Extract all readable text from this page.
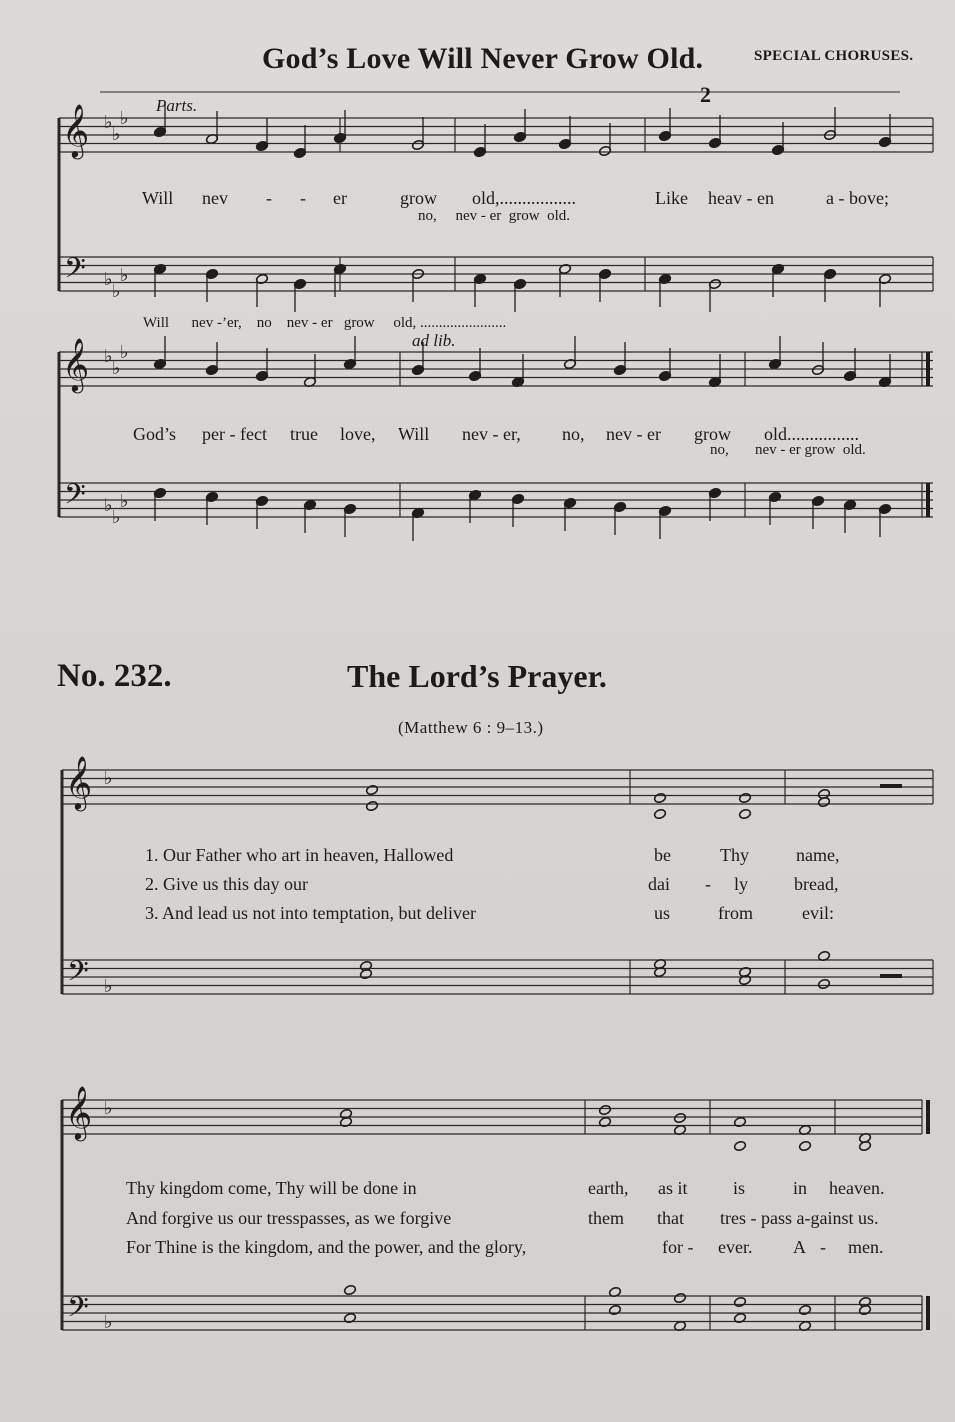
𝄞
𝄢
♭
♭
♭
♭
♭
♭
𝄞
𝄢
♭
♭
♭
♭
♭
♭
𝄞
𝄢
♭
♭
𝄞
𝄢
♭
♭
God’s Love Will Never Grow Old.	SPECIAL CHORUSES.
2
Parts.
ad lib.
Will nev - - er	grow old,.................	Like heav - en	a - bove;
no,     nev - er  grow  old.
Will      nev -’er,    no    nev - er   grow     old, .......................
God’s per - fect true love, Will nev - er, no, nev - er grow old................
no,       nev - er grow  old.
No. 232.	The Lord’s Prayer.
(Matthew 6 : 9–13.)
1. Our Father who art in heaven, Hallowed	be	Thy	name,
2. Give us this day our	dai - ly	bread,
3. And lead us not into temptation, but deliver	us	from	evil:
Thy kingdom come, Thy will be done in	earth, as it	is	in heaven.
And forgive us our tresspasses, as we forgive	them that tres - pass a-gainst us.
For Thine is the kingdom, and the power, and the glory,	for - ever. A - men.
